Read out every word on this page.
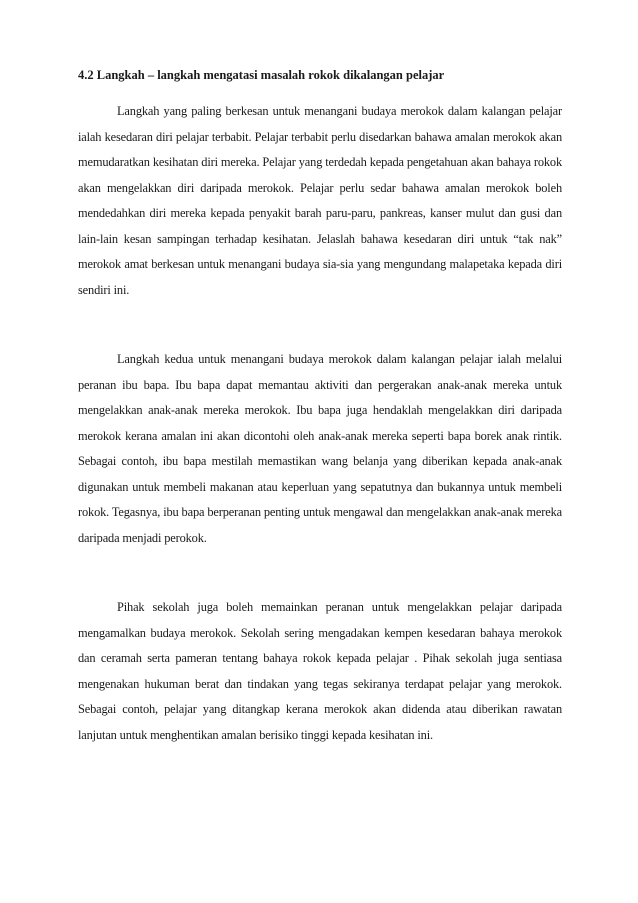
4.2 Langkah – langkah mengatasi masalah rokok dikalangan pelajar

Langkah yang paling berkesan untuk menangani budaya merokok dalam kalangan pelajar ialah kesedaran diri pelajar terbabit. Pelajar terbabit perlu disedarkan bahawa amalan merokok akan memudaratkan kesihatan diri mereka. Pelajar yang terdedah kepada pengetahuan akan bahaya rokok akan mengelakkan diri daripada merokok. Pelajar perlu sedar bahawa amalan merokok boleh mendedahkan diri mereka kepada penyakit barah paru-paru, pankreas, kanser mulut dan gusi dan lain-lain kesan sampingan terhadap kesihatan. Jelaslah bahawa kesedaran diri untuk “tak nak” merokok amat berkesan untuk menangani budaya sia-sia yang mengundang malapetaka kepada diri sendiri ini.

Langkah kedua untuk menangani budaya merokok dalam kalangan pelajar ialah melalui peranan ibu bapa. Ibu bapa dapat memantau aktiviti dan pergerakan anak-anak mereka untuk mengelakkan anak-anak mereka merokok. Ibu bapa juga hendaklah mengelakkan diri daripada merokok kerana amalan ini akan dicontohi oleh anak-anak mereka seperti bapa borek anak rintik. Sebagai contoh, ibu bapa mestilah memastikan wang belanja yang diberikan kepada anak-anak digunakan untuk membeli makanan atau keperluan yang sepatutnya dan bukannya untuk membeli rokok. Tegasnya, ibu bapa berperanan penting untuk mengawal dan mengelakkan anak-anak mereka daripada menjadi perokok.

Pihak sekolah juga boleh memainkan peranan untuk mengelakkan pelajar daripada mengamalkan budaya merokok. Sekolah sering mengadakan kempen kesedaran bahaya merokok dan ceramah serta pameran tentang bahaya rokok kepada pelajar . Pihak sekolah juga sentiasa mengenakan hukuman berat dan tindakan yang tegas sekiranya terdapat pelajar yang merokok. Sebagai contoh, pelajar yang ditangkap kerana merokok akan didenda atau diberikan rawatan lanjutan untuk menghentikan amalan berisiko tinggi kepada kesihatan ini.
